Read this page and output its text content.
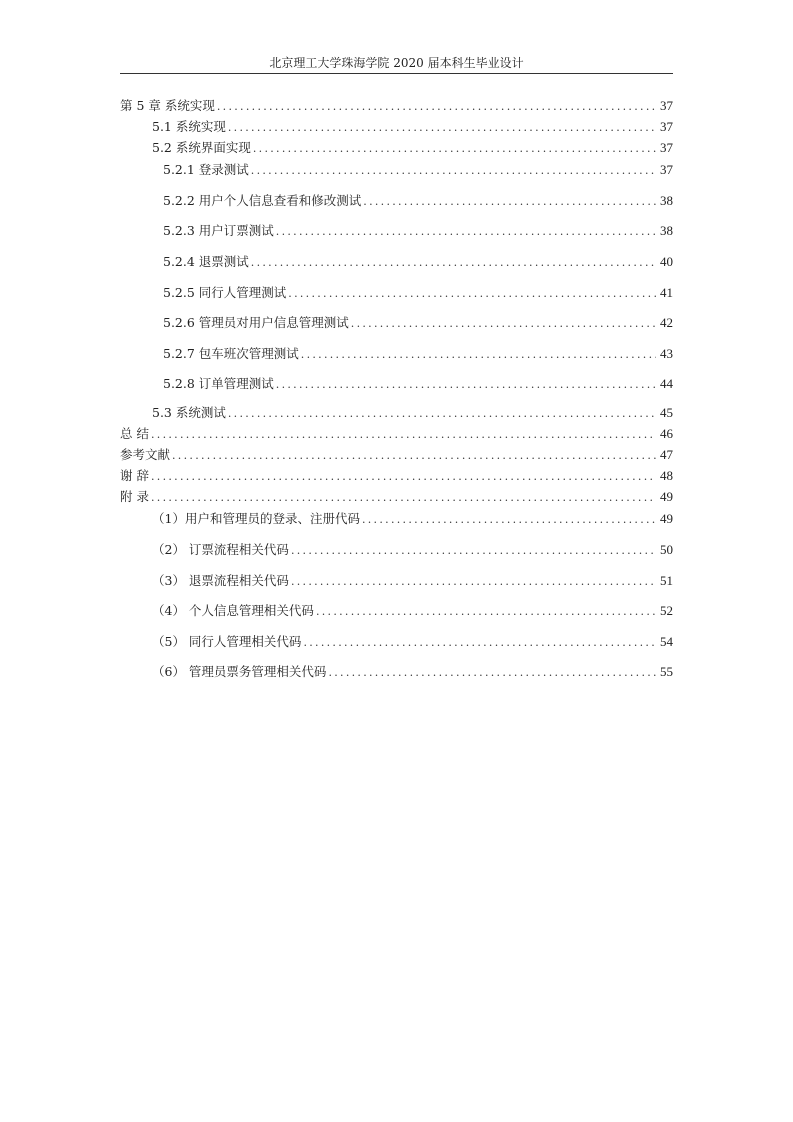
北京理工大学珠海学院 2020 届本科生毕业设计
第 5 章 系统实现 .....	37
5.1 系统实现 .....	37
5.2 系统界面实现 .....	37
5.2.1 登录测试 .....	37
5.2.2 用户个人信息查看和修改测试 .....	38
5.2.3 用户订票测试 .....	38
5.2.4 退票测试 .....	40
5.2.5 同行人管理测试 .....	41
5.2.6 管理员对用户信息管理测试 .....	42
5.2.7 包车班次管理测试 .....	43
5.2.8 订单管理测试 .....	44
5.3 系统测试 .....	45
总 结 .....	46
参考文献 .....	47
谢 辞 .....	48
附 录 .....	49
（1）用户和管理员的登录、注册代码 .....	49
（2） 订票流程相关代码 .....	50
（3） 退票流程相关代码 .....	51
（4） 个人信息管理相关代码 .....	52
（5） 同行人管理相关代码 .....	54
（6） 管理员票务管理相关代码 .....	55
